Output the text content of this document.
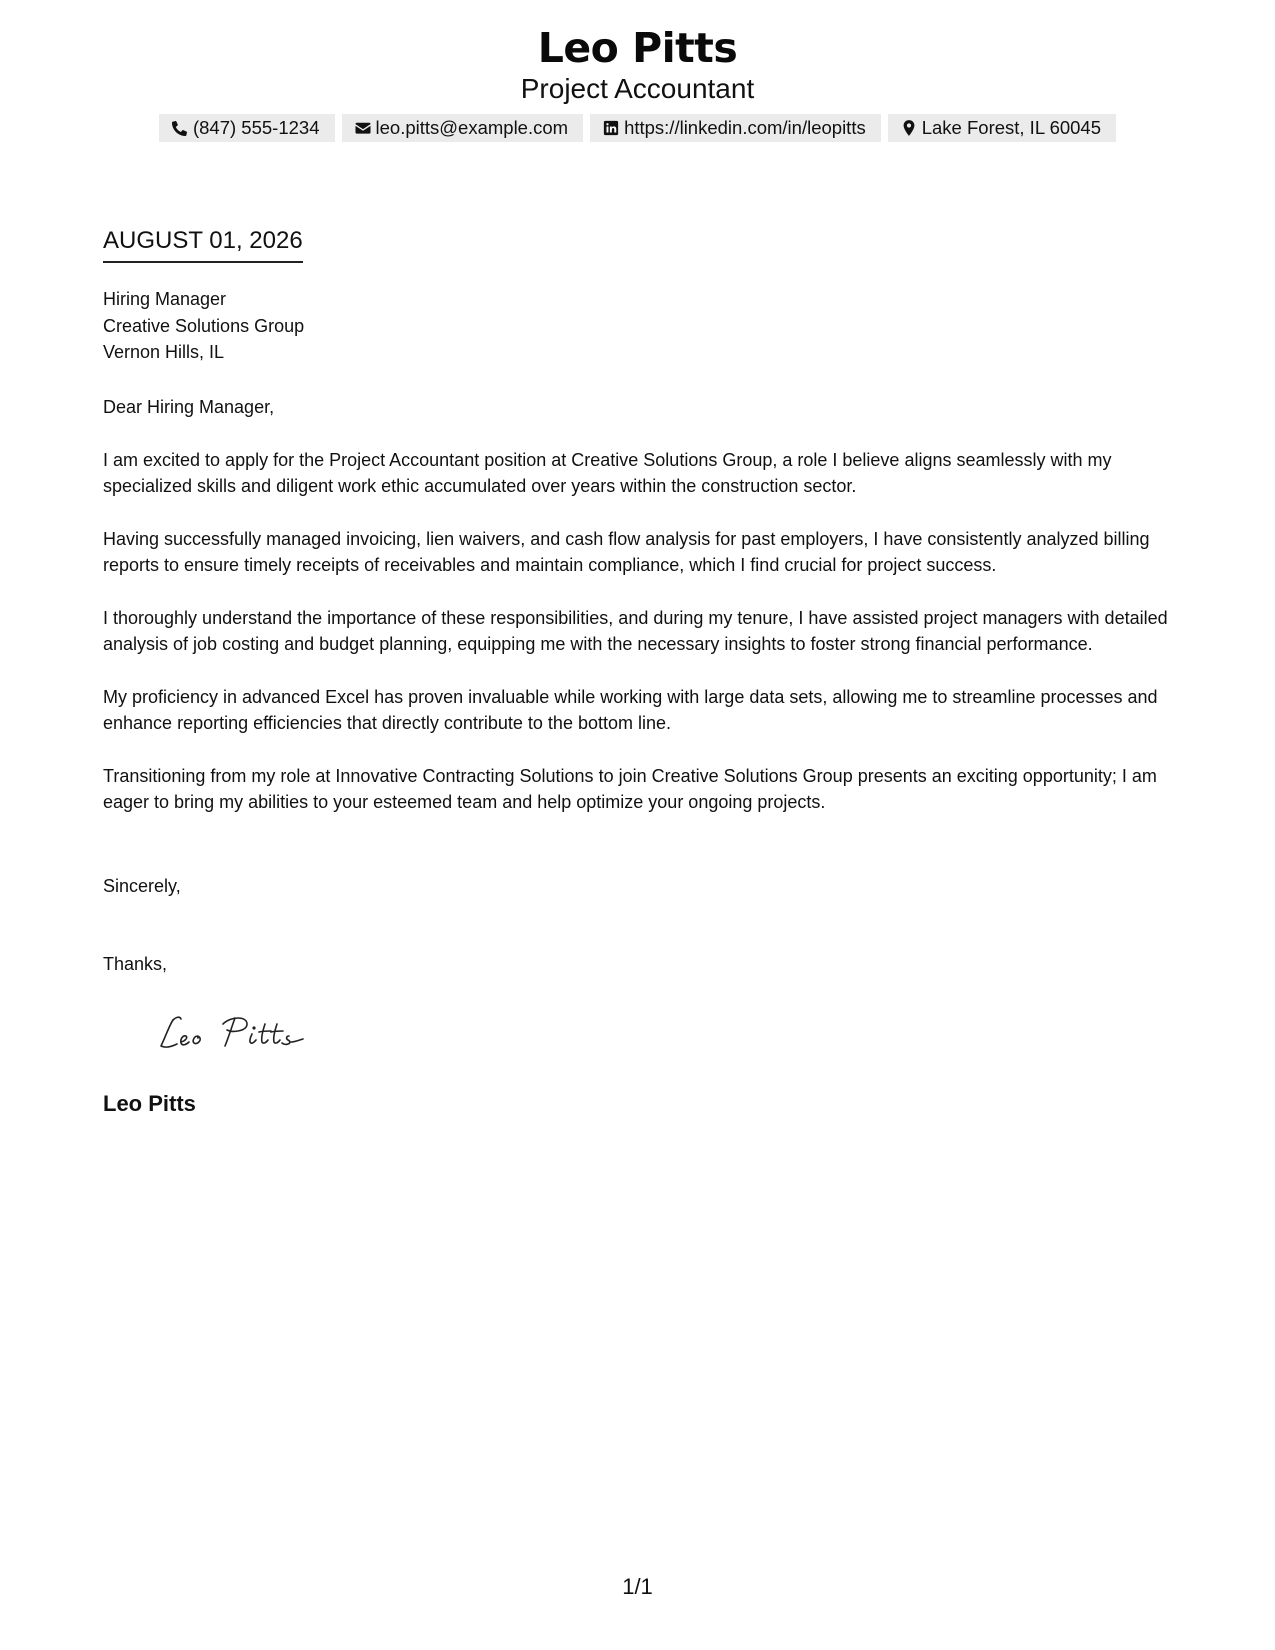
Leo Pitts
Project Accountant
(847) 555-1234	leo.pitts@example.com	https://linkedin.com/in/leopitts	Lake Forest, IL 60045
AUGUST 01, 2026
Hiring Manager
Creative Solutions Group
Vernon Hills, IL

Dear Hiring Manager,

I am excited to apply for the Project Accountant position at Creative Solutions Group, a role I believe aligns seamlessly with my specialized skills and diligent work ethic accumulated over years within the construction sector.

Having successfully managed invoicing, lien waivers, and cash flow analysis for past employers, I have consistently analyzed billing reports to ensure timely receipts of receivables and maintain compliance, which I find crucial for project success.

I thoroughly understand the importance of these responsibilities, and during my tenure, I have assisted project managers with detailed analysis of job costing and budget planning, equipping me with the necessary insights to foster strong financial performance.

My proficiency in advanced Excel has proven invaluable while working with large data sets, allowing me to streamline processes and enhance reporting efficiencies that directly contribute to the bottom line.

Transitioning from my role at Innovative Contracting Solutions to join Creative Solutions Group presents an exciting opportunity; I am eager to bring my abilities to your esteemed team and help optimize your ongoing projects.

Sincerely,
Thanks,
Leo Pitts
1/1
